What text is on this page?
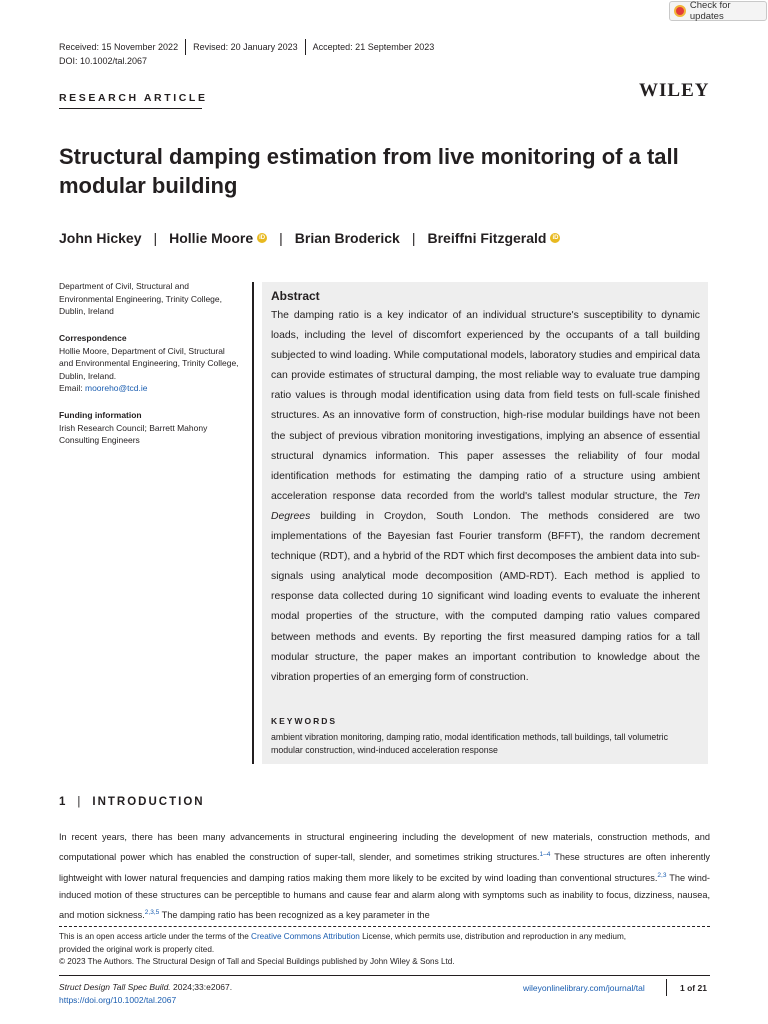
Check for updates
Received: 15 November 2022	Revised: 20 January 2023	Accepted: 21 September 2023
DOI: 10.1002/tal.2067
RESEARCH ARTICLE	WILEY
Structural damping estimation from live monitoring of a tall modular building
John Hickey | Hollie Moore	iD | Brian Broderick | Breiffni Fitzgerald	iD
Department of Civil, Structural and Environmental Engineering, Trinity College, Dublin, Ireland
Correspondence
Hollie Moore, Department of Civil, Structural and Environmental Engineering, Trinity College, Dublin, Ireland.
Email: mooreho@tcd.ie
Funding information
Irish Research Council; Barrett Mahony Consulting Engineers
Abstract

The damping ratio is a key indicator of an individual structure's susceptibility to dynamic loads, including the level of discomfort experienced by the occupants of a tall building subjected to wind loading. While computational models, laboratory studies and empirical data can provide estimates of structural damping, the most reliable way to evaluate true damping ratio values is through modal identification using data from field tests on full-scale finished structures. As an innovative form of construction, high-rise modular buildings have not been the subject of previous vibration monitoring investigations, implying an absence of essential structural dynamics information. This paper assesses the reliability of four modal identification methods for estimating the damping ratio of a structure using ambient acceleration response data recorded from the world's tallest modular structure, the Ten Degrees building in Croydon, South London. The methods considered are two implementations of the Bayesian fast Fourier transform (BFFT), the random decrement technique (RDT), and a hybrid of the RDT which first decomposes the ambient data into sub-signals using analytical mode decomposition (AMD-RDT). Each method is applied to response data collected during 10 significant wind loading events to evaluate the inherent modal properties of the structure, with the computed damping ratio values compared between methods and events. By reporting the first measured damping ratios for a tall modular structure, the paper makes an important contribution to knowledge about the vibration properties of an emerging form of construction.

KEYWORDS
ambient vibration monitoring, damping ratio, modal identification methods, tall buildings, tall volumetric modular construction, wind-induced acceleration response
1 | INTRODUCTION

In recent years, there has been many advancements in structural engineering including the development of new materials, construction methods, and computational power which has enabled the construction of super-tall, slender, and sometimes striking structures.$^{1-4}$ These structures are often inherently lightweight with lower natural frequencies and damping ratios making them more likely to be excited by wind loading than conventional structures.$^{2,3}$ The wind-induced motion of these structures can be perceptible to humans and cause fear and alarm along with symptoms such as inability to focus, dizziness, nausea, and motion sickness.$^{2,3,5}$ The damping ratio has been recognized as a key parameter in the

This is an open access article under the terms of the Creative Commons Attribution License, which permits use, distribution and reproduction in any medium,
provided the original work is properly cited.
© 2023 The Authors. The Structural Design of Tall and Special Buildings published by John Wiley & Sons Ltd.
Struct Design Tall Spec Build. 2024;33:e2067.
https://doi.org/10.1002/tal.2067
wileyonlinelibrary.com/journal/tal	1 of 21
